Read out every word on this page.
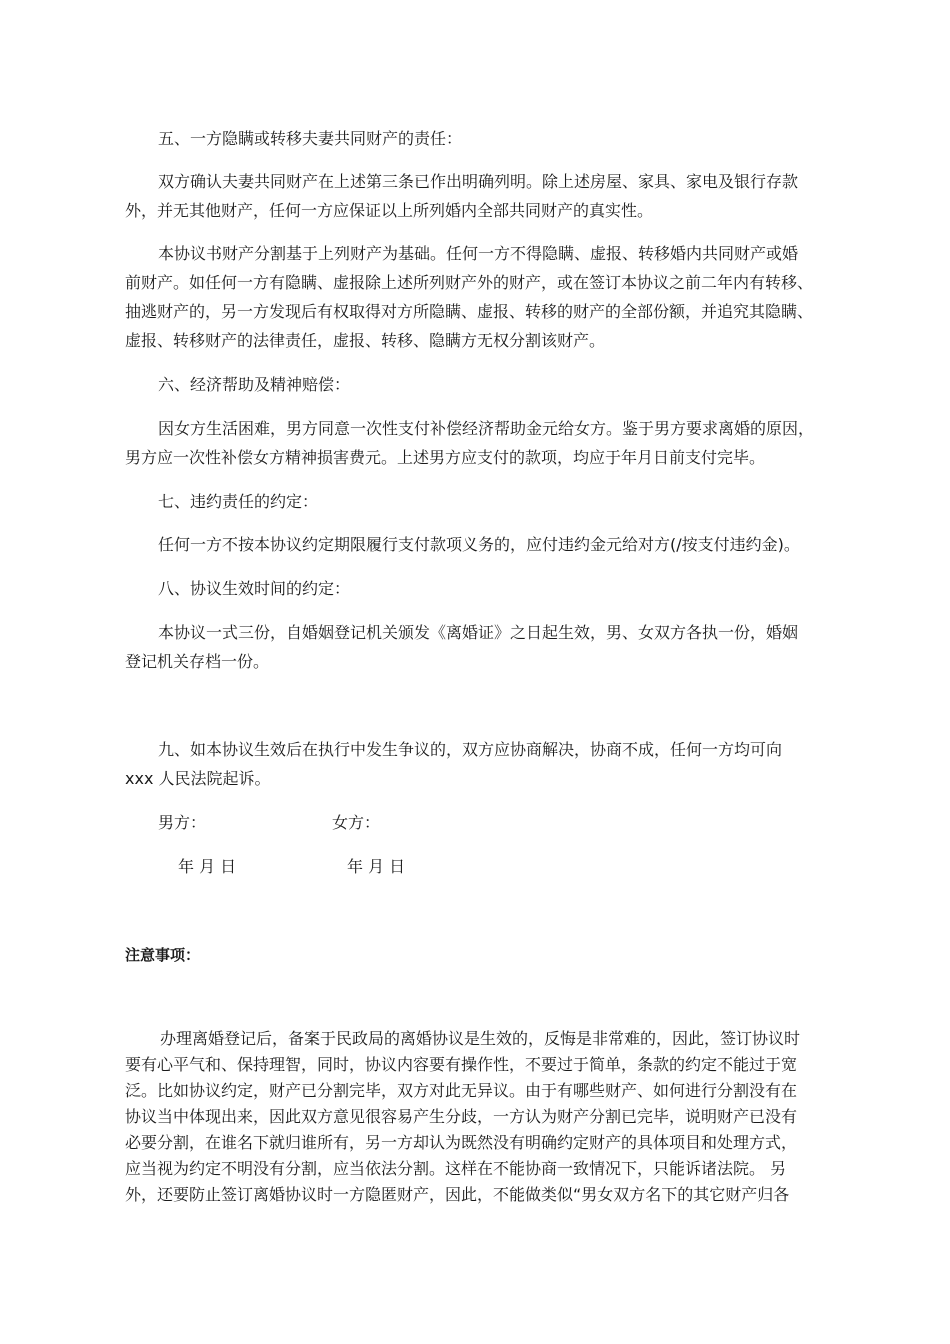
五、一方隐瞒或转移夫妻共同财产的责任：
双方确认夫妻共同财产在上述第三条已作出明确列明。除上述房屋、家具、家电及银行存款
外，并无其他财产，任何一方应保证以上所列婚内全部共同财产的真实性。
本协议书财产分割基于上列财产为基础。任何一方不得隐瞒、虚报、转移婚内共同财产或婚
前财产。如任何一方有隐瞒、虚报除上述所列财产外的财产，或在签订本协议之前二年内有转移、
抽逃财产的，另一方发现后有权取得对方所隐瞒、虚报、转移的财产的全部份额，并追究其隐瞒、
虚报、转移财产的法律责任，虚报、转移、隐瞒方无权分割该财产。
六、经济帮助及精神赔偿：
因女方生活困难，男方同意一次性支付补偿经济帮助金元给女方。鉴于男方要求离婚的原因，
男方应一次性补偿女方精神损害费元。上述男方应支付的款项，均应于年月日前支付完毕。
七、违约责任的约定：
任何一方不按本协议约定期限履行支付款项义务的，应付违约金元给对方(/按支付违约金)。
八、协议生效时间的约定：
本协议一式三份，自婚姻登记机关颁发《离婚证》之日起生效，男、女双方各执一份，婚姻
登记机关存档一份。
九、如本协议生效后在执行中发生争议的，双方应协商解决，协商不成，任何一方均可向
xxx 人民法院起诉。
男方：	女方：
年 月 日	年 月 日
注意事项：
办理离婚登记后，备案于民政局的离婚协议是生效的，反悔是非常难的，因此，签订协议时
要有心平气和、保持理智，同时，协议内容要有操作性，不要过于简单，条款的约定不能过于宽
泛。比如协议约定，财产已分割完毕，双方对此无异议。由于有哪些财产、如何进行分割没有在
协议当中体现出来，因此双方意见很容易产生分歧，一方认为财产分割已完毕，说明财产已没有
必要分割，在谁名下就归谁所有，另一方却认为既然没有明确约定财产的具体项目和处理方式，
应当视为约定不明没有分割，应当依法分割。这样在不能协商一致情况下，只能诉诸法院。 另
外，还要防止签订离婚协议时一方隐匿财产，因此，不能做类似“男女双方名下的其它财产归各
